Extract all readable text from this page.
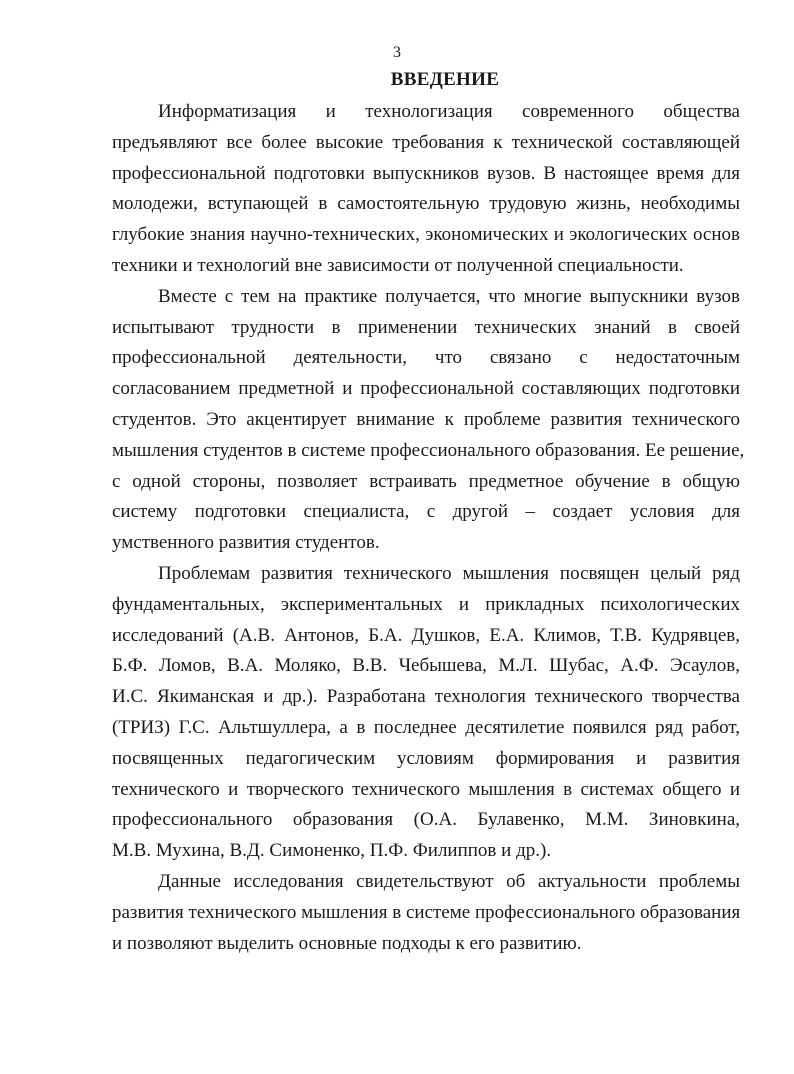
3
ВВЕДЕНИЕ
Информатизация и технологизация современного общества
предъявляют все более высокие требования к технической составляющей
профессиональной подготовки выпускников вузов. В настоящее время для
молодежи, вступающей в самостоятельную трудовую жизнь, необходимы
глубокие знания научно-технических, экономических и экологических основ
техники и технологий вне зависимости от полученной специальности.
Вместе с тем на практике получается, что многие выпускники вузов
испытывают трудности в применении технических знаний в своей
профессиональной деятельности, что связано с недостаточным
согласованием предметной и профессиональной составляющих подготовки
студентов. Это акцентирует внимание к проблеме развития технического
мышления студентов в системе профессионального образования. Ее решение,
с одной стороны, позволяет встраивать предметное обучение в общую
систему подготовки специалиста, с другой – создает условия для
умственного развития студентов.
Проблемам развития технического мышления посвящен целый ряд
фундаментальных, экспериментальных и прикладных психологических
исследований (А.В. Антонов, Б.А. Душков, Е.А. Климов, Т.В. Кудрявцев,
Б.Ф. Ломов, В.А. Моляко, В.В. Чебышева, М.Л. Шубас, А.Ф. Эсаулов,
И.С. Якиманская и др.). Разработана технология технического творчества
(ТРИЗ) Г.С. Альтшуллера, а в последнее десятилетие появился ряд работ,
посвященных педагогическим условиям формирования и развития
технического и творческого технического мышления в системах общего и
профессионального образования (О.А. Булавенко, М.М. Зиновкина,
М.В. Мухина, В.Д. Симоненко, П.Ф. Филиппов и др.).
Данные исследования свидетельствуют об актуальности проблемы
развития технического мышления в системе профессионального образования
и позволяют выделить основные подходы к его развитию.
